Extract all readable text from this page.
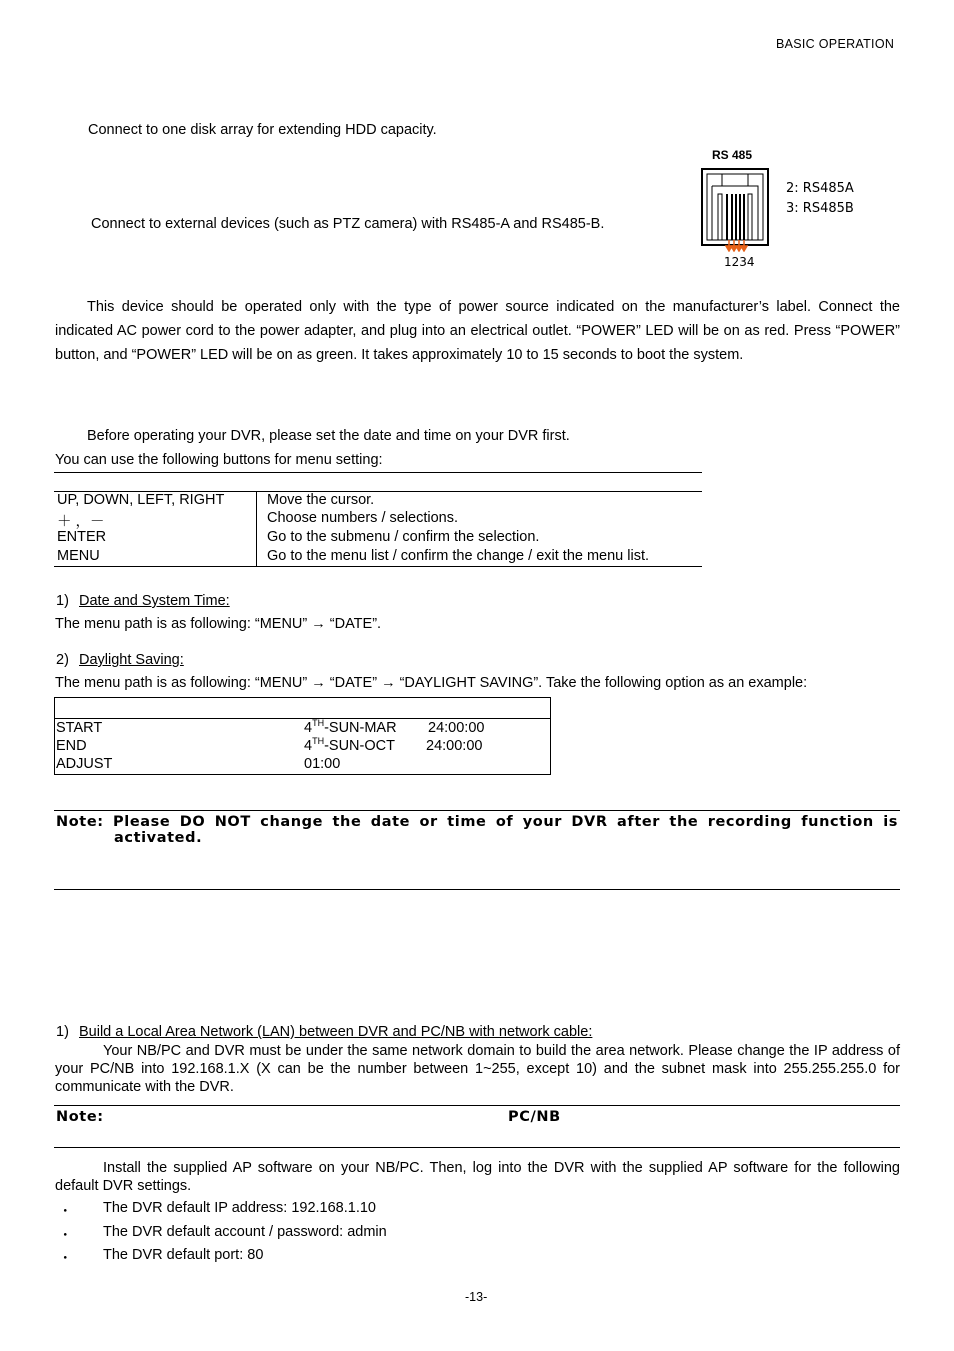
BASIC OPERATION
Connect to one disk array for extending HDD capacity.
Connect to external devices (such as PTZ camera) with RS485-A and RS485-B.
RS 485
1234
2: RS485A
3: RS485B
This device should be operated only with the type of power source indicated on the manufacturer’s label. Connect the indicated AC power cord to the power adapter, and plug into an electrical outlet. “POWER” LED will be on as red. Press “POWER” button, and “POWER” LED will be on as green. It takes approximately 10 to 15 seconds to boot the system.
Before operating your DVR, please set the date and time on your DVR first.
You can use the following buttons for menu setting:
UP, DOWN, LEFT, RIGHT	Move the cursor.
＋ ，－	Choose numbers / selections.
ENTER	Go to the submenu / confirm the selection.
MENU	Go to the menu list / confirm the change / exit the menu list.
1) Date and System Time:
The menu path is as following: “MENU” → “DATE”.
2) Daylight Saving:
The menu path is as following: “MENU” → “DATE” → “DAYLIGHT SAVING”. Take the following option as an example:
START	4TH-SUN-MAR 24:00:00
END	4TH-SUN-OCT 24:00:00
ADJUST	01:00
Note: Please DO NOT change the date or time of your DVR after the recording function is
activated.
1) Build a Local Area Network (LAN) between DVR and PC/NB with network cable:
Your NB/PC and DVR must be under the same network domain to build the area network. Please change the IP address of your PC/NB into 192.168.1.X (X can be the number between 1~255, except 10) and the subnet mask into 255.255.255.0 for communicate with the DVR.
Note:	PC/NB
Install the supplied AP software on your NB/PC. Then, log into the DVR with the supplied AP software for the following default DVR settings.
・ The DVR default IP address: 192.168.1.10
・ The DVR default account / password: admin
・ The DVR default port: 80
-13-
